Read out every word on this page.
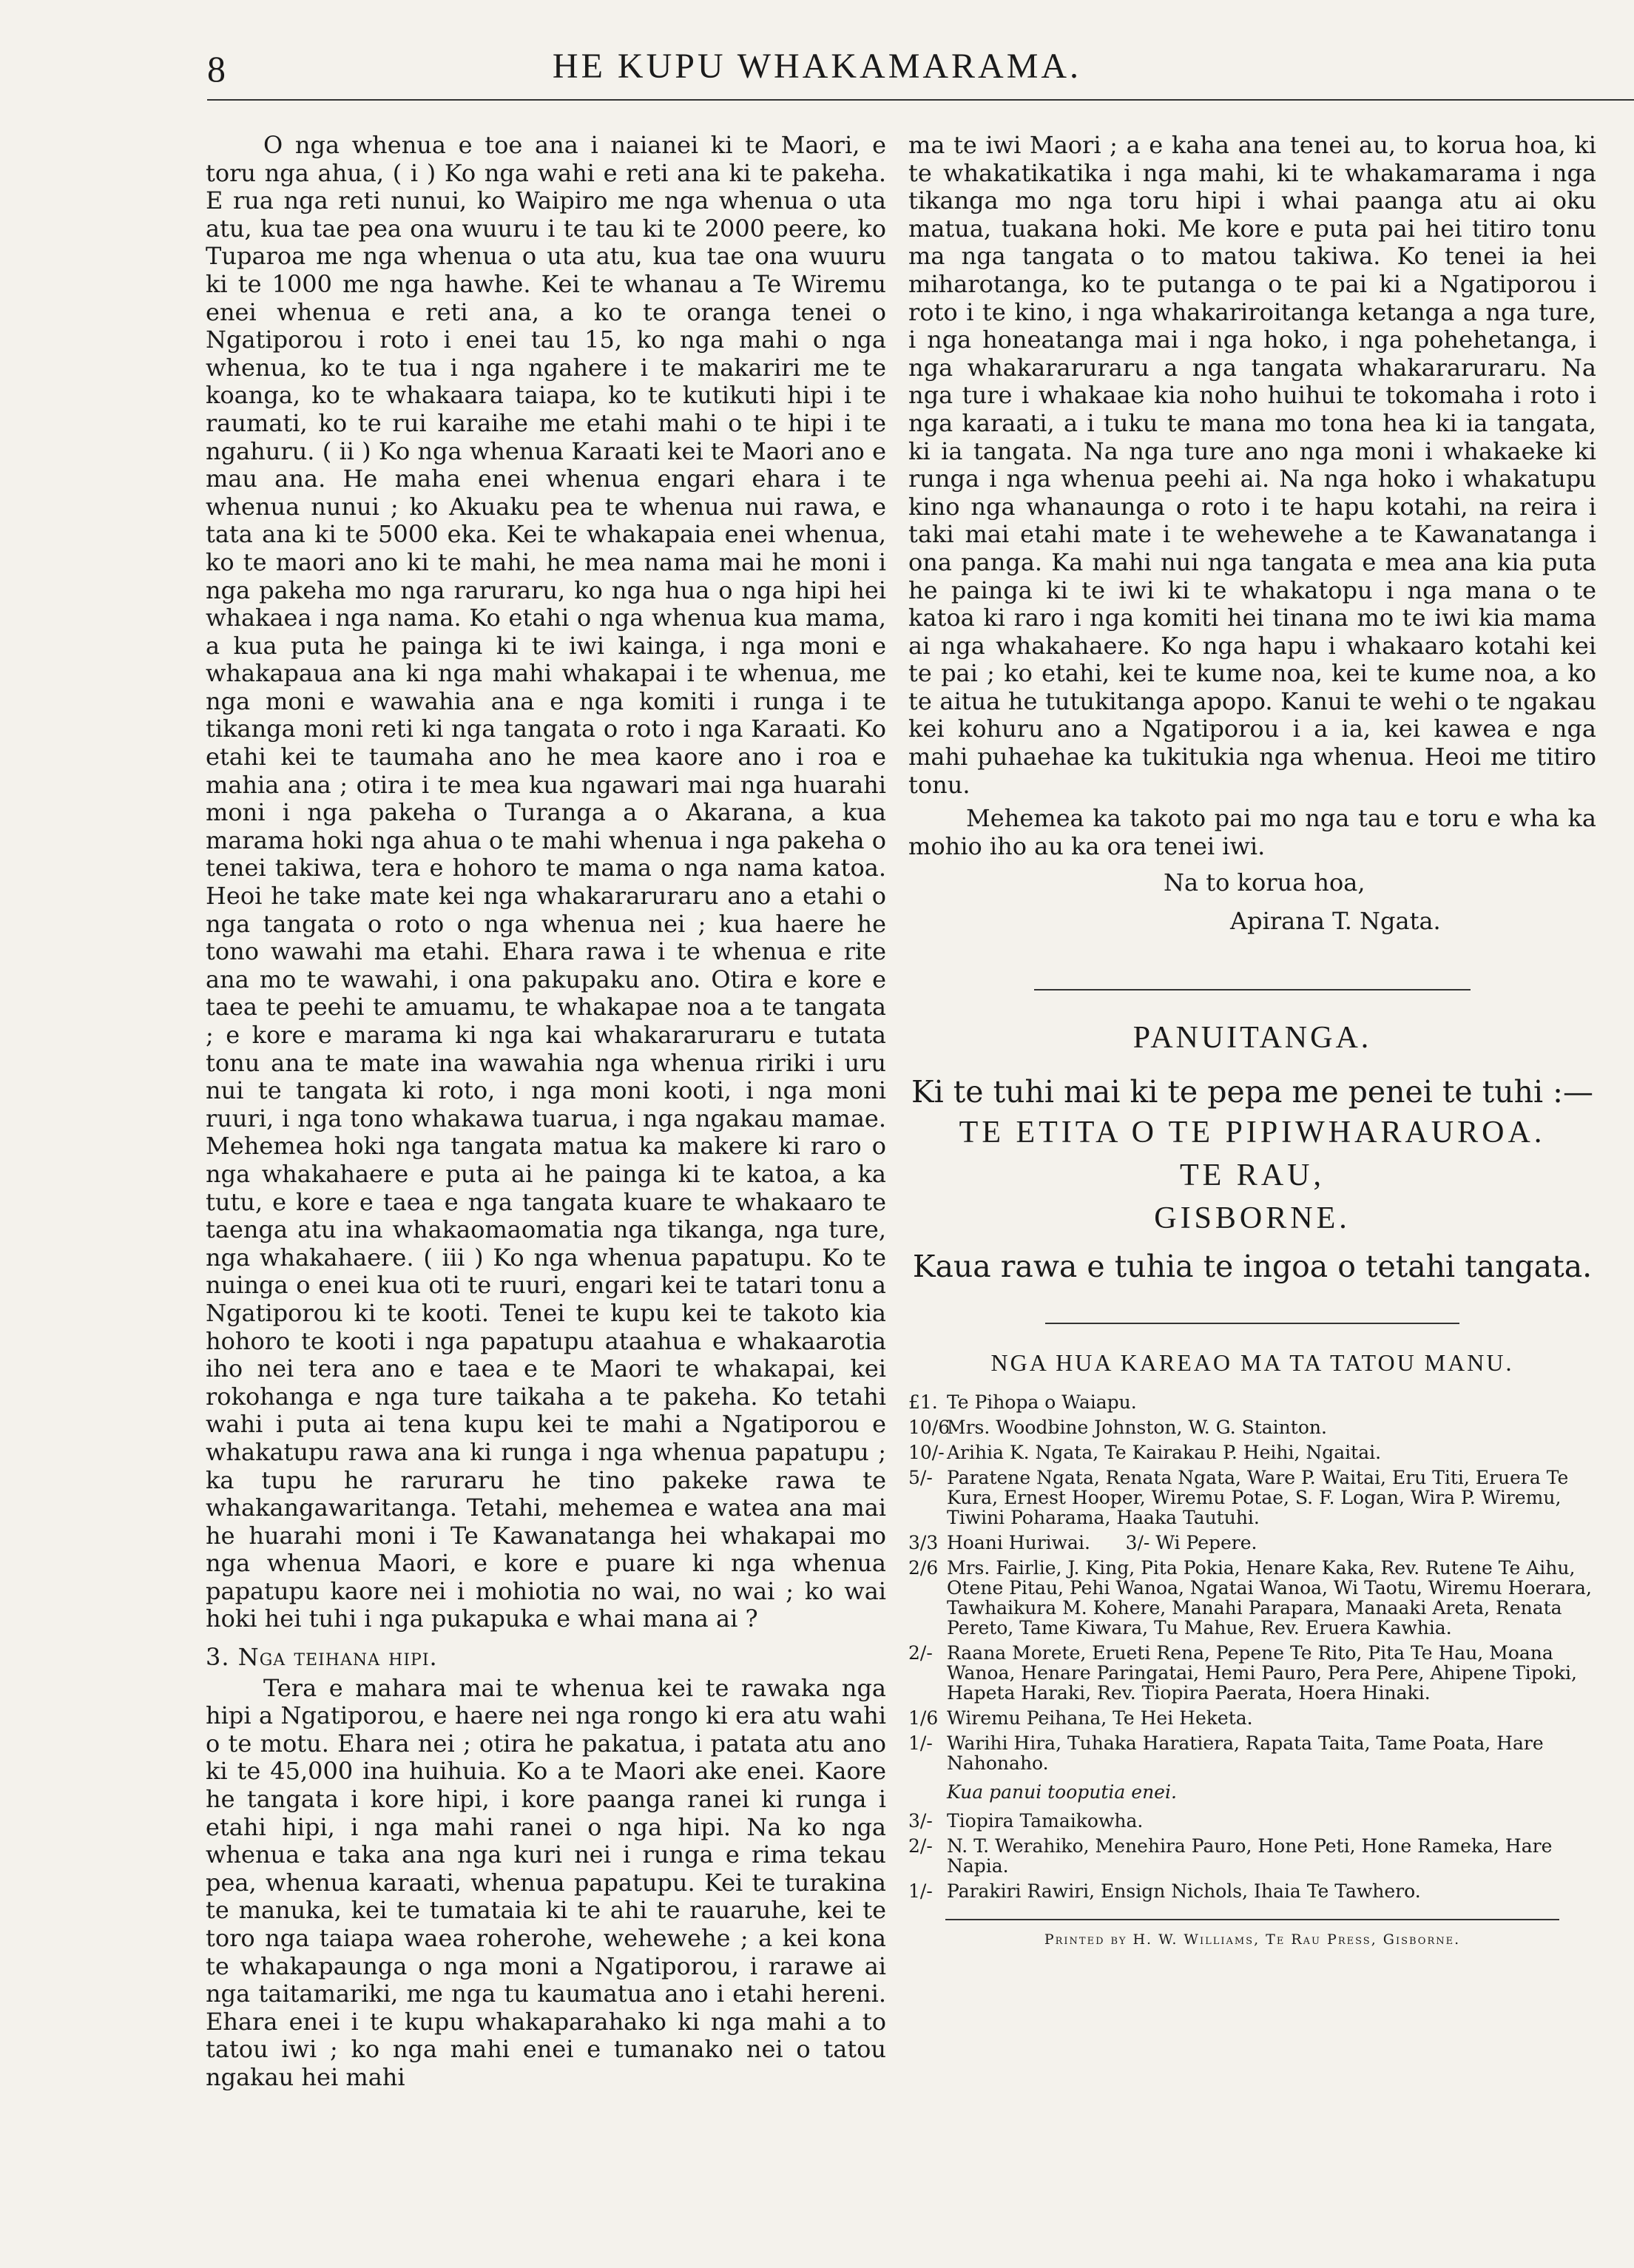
8	HE KUPU WHAKAMARAMA.

O nga whenua e toe ana i naianei ki te Maori, e toru nga ahua, ( i ) Ko nga wahi e reti ana ki te pakeha. E rua nga reti nunui, ko Waipiro me nga whenua o uta atu, kua tae pea ona wuuru i te tau ki te 2000 peere, ko Tuparoa me nga whenua o uta atu, kua tae ona wuuru ki te 1000 me nga hawhe. Kei te whanau a Te Wiremu enei whenua e reti ana, a ko te oranga tenei o Ngatiporou i roto i enei tau 15, ko nga mahi o nga whenua, ko te tua i nga ngahere i te makariri me te koanga, ko te whakaara taiapa, ko te kutikuti hipi i te raumati, ko te rui karaihe me etahi mahi o te hipi i te ngahuru. ( ii ) Ko nga whenua Karaati kei te Maori ano e mau ana. He maha enei whenua engari ehara i te whenua nunui ; ko Akuaku pea te whenua nui rawa, e tata ana ki te 5000 eka. Kei te whakapaia enei whenua, ko te maori ano ki te mahi, he mea nama mai he moni i nga pakeha mo nga raruraru, ko nga hua o nga hipi hei whakaea i nga nama. Ko etahi o nga whenua kua mama, a kua puta he painga ki te iwi kainga, i nga moni e whakapaua ana ki nga mahi whakapai i te whenua, me nga moni e wawahia ana e nga komiti i runga i te tikanga moni reti ki nga tangata o roto i nga Karaati. Ko etahi kei te taumaha ano he mea kaore ano i roa e mahia ana ; otira i te mea kua ngawari mai nga huarahi moni i nga pakeha o Turanga a o Akarana, a kua marama hoki nga ahua o te mahi whenua i nga pakeha o tenei takiwa, tera e hohoro te mama o nga nama katoa. Heoi he take mate kei nga whakararuraru ano a etahi o nga tangata o roto o nga whenua nei ; kua haere he tono wawahi ma etahi. Ehara rawa i te whenua e rite ana mo te wawahi, i ona pakupaku ano. Otira e kore e taea te peehi te amuamu, te whakapae noa a te tangata ; e kore e marama ki nga kai whakararuraru e tutata tonu ana te mate ina wawahia nga whenua ririki i uru nui te tangata ki roto, i nga moni kooti, i nga moni ruuri, i nga tono whakawa tuarua, i nga ngakau mamae. Mehemea hoki nga tangata matua ka makere ki raro o nga whakahaere e puta ai he painga ki te katoa, a ka tutu, e kore e taea e nga tangata kuare te whakaaro te taenga atu ina whakaomaomatia nga tikanga, nga ture, nga whakahaere. ( iii ) Ko nga whenua papatupu. Ko te nuinga o enei kua oti te ruuri, engari kei te tatari tonu a Ngatiporou ki te kooti. Tenei te kupu kei te takoto kia hohoro te kooti i nga papatupu ataahua e whakaarotia iho nei tera ano e taea e te Maori te whakapai, kei rokohanga e nga ture taikaha a te pakeha. Ko tetahi wahi i puta ai tena kupu kei te mahi a Ngatiporou e whakatupu rawa ana ki runga i nga whenua papatupu ; ka tupu he raruraru he tino pakeke rawa te whakangawaritanga. Tetahi, mehemea e watea ana mai he huarahi moni i Te Kawanatanga hei whakapai mo nga whenua Maori, e kore e puare ki nga whenua papatupu kaore nei i mohiotia no wai, no wai ; ko wai hoki hei tuhi i nga pukapuka e whai mana ai ?

3. Nga teihana hipi.

Tera e mahara mai te whenua kei te rawaka nga hipi a Ngatiporou, e haere nei nga rongo ki era atu wahi o te motu. Ehara nei ; otira he pakatua, i patata atu ano ki te 45,000 ina huihuia. Ko a te Maori ake enei. Kaore he tangata i kore hipi, i kore paanga ranei ki runga i etahi hipi, i nga mahi ranei o nga hipi. Na ko nga whenua e taka ana nga kuri nei i runga e rima tekau pea, whenua karaati, whenua papatupu. Kei te turakina te manuka, kei te tumataia ki te ahi te rauaruhe, kei te toro nga taiapa waea roherohe, wehewehe ; a kei kona te whakapaunga o nga moni a Ngatiporou, i rarawe ai nga taitamariki, me nga tu kaumatua ano i etahi hereni. Ehara enei i te kupu whakaparahako ki nga mahi a to tatou iwi ; ko nga mahi enei e tumanako nei o tatou ngakau hei mahi

ma te iwi Maori ; a e kaha ana tenei au, to korua hoa, ki te whakatikatika i nga mahi, ki te whakamarama i nga tikanga mo nga toru hipi i whai paanga atu ai oku matua, tuakana hoki. Me kore e puta pai hei titiro tonu ma nga tangata o to matou takiwa. Ko tenei ia hei miharotanga, ko te putanga o te pai ki a Ngatiporou i roto i te kino, i nga whakariroitanga ketanga a nga ture, i nga honeatanga mai i nga hoko, i nga pohehetanga, i nga whakararuraru a nga tangata whakararuraru. Na nga ture i whakaae kia noho huihui te tokomaha i roto i nga karaati, a i tuku te mana mo tona hea ki ia tangata, ki ia tangata. Na nga ture ano nga moni i whakaeke ki runga i nga whenua peehi ai. Na nga hoko i whakatupu kino nga whanaunga o roto i te hapu kotahi, na reira i taki mai etahi mate i te wehewehe a te Kawanatanga i ona panga. Ka mahi nui nga tangata e mea ana kia puta he painga ki te iwi ki te whakatopu i nga mana o te katoa ki raro i nga komiti hei tinana mo te iwi kia mama ai nga whakahaere. Ko nga hapu i whakaaro kotahi kei te pai ; ko etahi, kei te kume noa, kei te kume noa, a ko te aitua he tutukitanga apopo. Kanui te wehi o te ngakau kei kohuru ano a Ngatiporou i a ia, kei kawea e nga mahi puhaehae ka tukitukia nga whenua. Heoi me titiro tonu.

Mehemea ka takoto pai mo nga tau e toru e wha ka mohio iho au ka ora tenei iwi.

Na to korua hoa,

Apirana T. Ngata.

PANUITANGA.

Ki te tuhi mai ki te pepa me penei te tuhi :—

TE ETITA O TE PIPIWHARAUROA.

TE RAU,

GISBORNE.

Kaua rawa e tuhia te ingoa o tetahi tangata.

NGA HUA KAREAO MA TA TATOU MANU.

£1. Te Pihopa o Waiapu.
10/6
Mrs. Woodbine Johnston, W. G. Stainton.
10/- Arihia K. Ngata, Te Kairakau P. Heihi, Ngaitai.
5/- Paratene Ngata, Renata Ngata, Ware P. Waitai, Eru Titi, Eruera Te Kura, Ernest Hooper, Wiremu Potae, S. F. Logan, Wira P. Wiremu, Tiwini Poharama, Haaka Tautuhi.
3/3 Hoani Huriwai.      3/- Wi Pepere.
2/6 Mrs. Fairlie, J. King, Pita Pokia, Henare Kaka, Rev. Rutene Te Aihu, Otene Pitau, Pehi Wanoa, Ngatai Wanoa, Wi Taotu, Wiremu Hoerara, Tawhaikura M. Kohere, Manahi Parapara, Manaaki Areta, Renata Pereto, Tame Kiwara, Tu Mahue, Rev. Eruera Kawhia.
2/- Raana Morete, Erueti Rena, Pepene Te Rito, Pita Te Hau, Moana Wanoa, Henare Paringatai, Hemi Pauro, Pera Pere, Ahipene Tipoki, Hapeta Haraki, Rev. Tiopira Paerata, Hoera Hinaki.
1/6 Wiremu Peihana, Te Hei Heketa.
1/- Warihi Hira, Tuhaka Haratiera, Rapata Taita, Tame Poata, Hare Nahonaho.

Kua panui tooputia enei.

3/- Tiopira Tamaikowha.
2/- N. T. Werahiko, Menehira Pauro, Hone Peti, Hone Rameka, Hare Napia.
1/- Parakiri Rawiri, Ensign Nichols, Ihaia Te Tawhero.

Printed by H. W. Williams, Te Rau Press, Gisborne.
